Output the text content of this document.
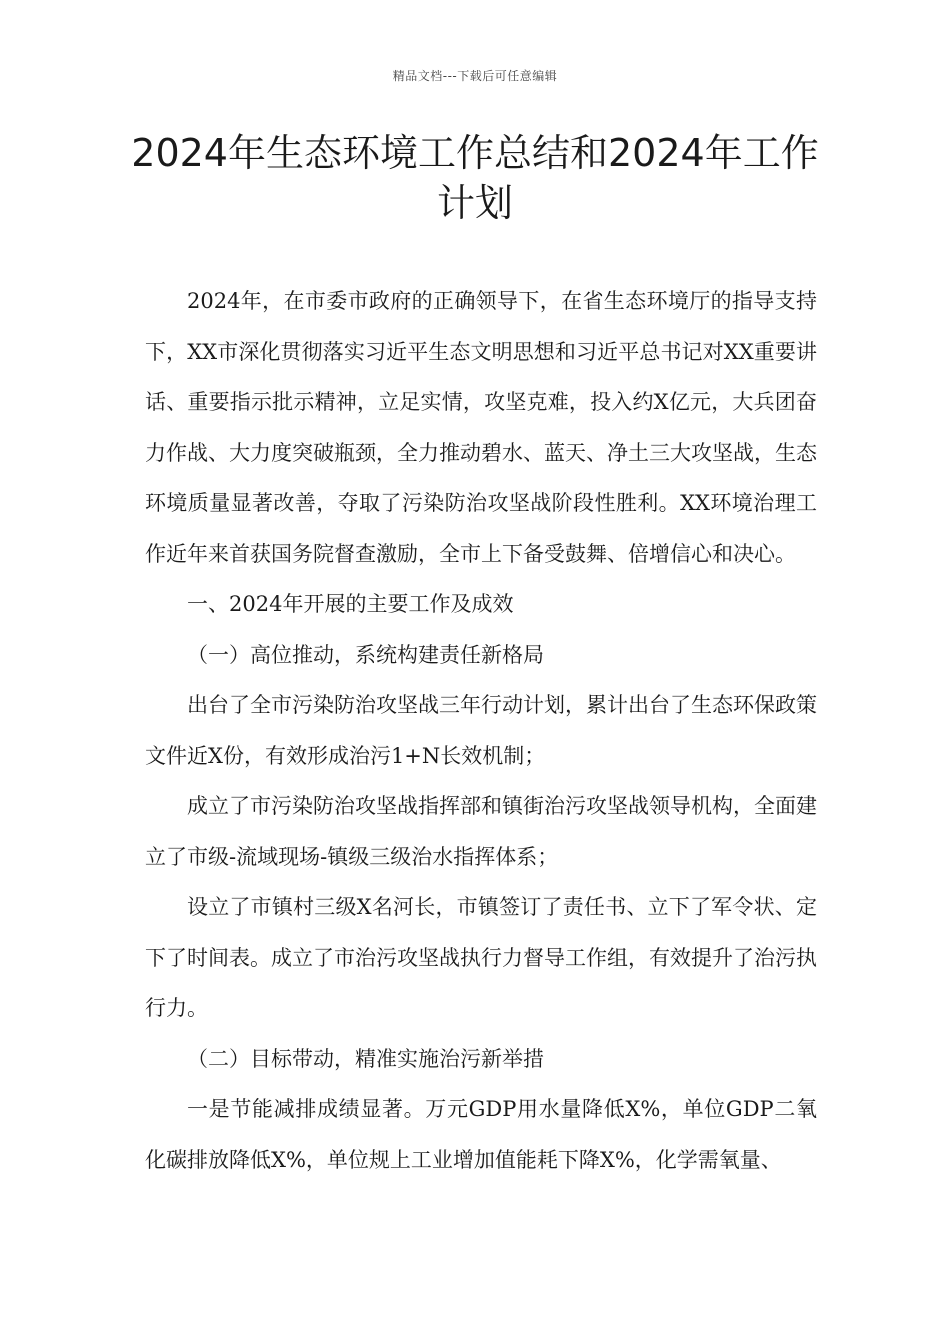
精品文档---下载后可任意编辑
2024年生态环境工作总结和2024年工作计划

2024年，在市委市政府的正确领导下，在省生态环境厅的指导支持下，XX市深化贯彻落实习近平生态文明思想和习近平总书记对XX重要讲话、重要指示批示精神，立足实情，攻坚克难，投入约X亿元，大兵团奋力作战、大力度突破瓶颈，全力推动碧水、蓝天、净土三大攻坚战，生态环境质量显著改善，夺取了污染防治攻坚战阶段性胜利。XX环境治理工作近年来首获国务院督查激励，全市上下备受鼓舞、倍增信心和决心。

一、2024年开展的主要工作及成效

（一）高位推动，系统构建责任新格局

出台了全市污染防治攻坚战三年行动计划，累计出台了生态环保政策文件近X份，有效形成治污1+N长效机制；

成立了市污染防治攻坚战指挥部和镇街治污攻坚战领导机构，全面建立了市级-流域现场-镇级三级治水指挥体系；

设立了市镇村三级X名河长，市镇签订了责任书、立下了军令状、定下了时间表。成立了市治污攻坚战执行力督导工作组，有效提升了治污执行力。

（二）目标带动，精准实施治污新举措

一是节能减排成绩显著。万元GDP用水量降低X%，单位GDP二氧化碳排放降低X%，单位规上工业增加值能耗下降X%，化学需氧量、
